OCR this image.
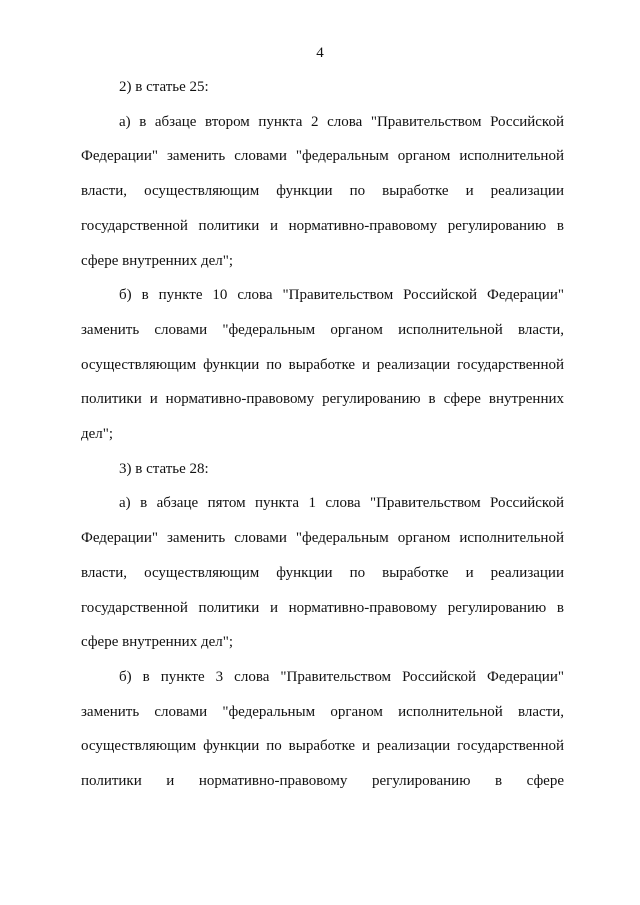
4

2) в статье 25:

а) в абзаце втором пункта 2 слова "Правительством Российской Федерации" заменить словами "федеральным органом исполнительной власти, осуществляющим функции по выработке и реализации государственной политики и нормативно-правовому регулированию в сфере внутренних дел";

б) в пункте 10 слова "Правительством Российской Федерации" заменить словами "федеральным органом исполнительной власти, осуществляющим функции по выработке и реализации государственной политики и нормативно-правовому регулированию в сфере внутренних дел";

3) в статье 28:

а) в абзаце пятом пункта 1 слова "Правительством Российской Федерации" заменить словами "федеральным органом исполнительной власти, осуществляющим функции по выработке и реализации государственной политики и нормативно-правовому регулированию в сфере внутренних дел";

б) в пункте 3 слова "Правительством Российской Федерации" заменить словами "федеральным органом исполнительной власти, осуществляющим функции по выработке и реализации государственной политики и нормативно-правовому регулированию в сфере
